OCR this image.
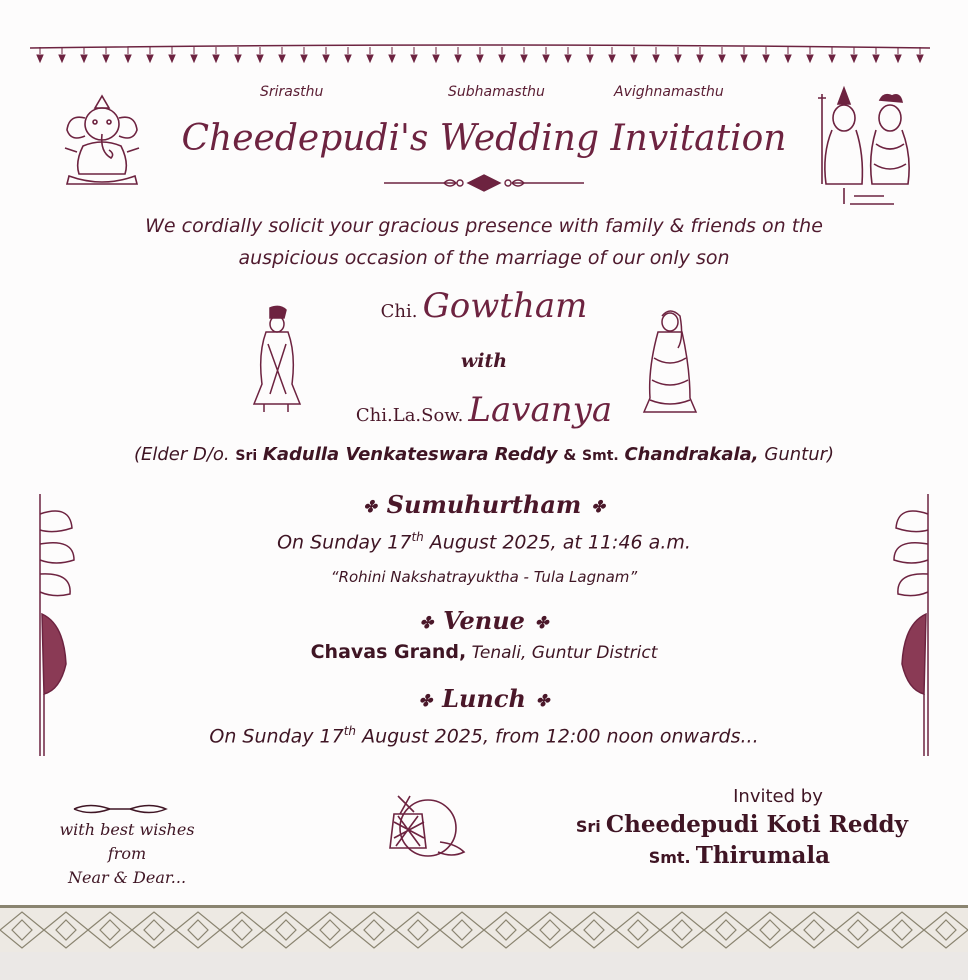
Srirasthu	Subhamasthu	Avighnamasthu
Cheedepudi's Wedding Invitation
We cordially solicit your gracious presence with family & friends on the
auspicious occasion of the marriage of our only son
Chi. Gowtham
with
Chi.La.Sow. Lavanya
(Elder D/o. Sri Kadulla Venkateswara Reddy & Smt. Chandrakala, Guntur)
✤ Sumuhurtham ✤
On Sunday 17th August 2025, at 11:46 a.m.
“Rohini Nakshatrayuktha - Tula Lagnam”
✤ Venue ✤
Chavas Grand, Tenali, Guntur District
✤ Lunch ✤
On Sunday 17th August 2025, from 12:00 noon onwards...
with best wishes from
Near & Dear...
Invited by
Sri Cheedepudi Koti Reddy
Smt. Thirumala
